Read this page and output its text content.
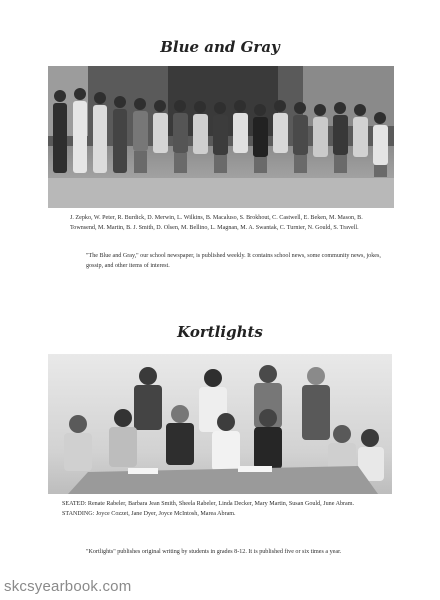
Blue and Gray

J. Zepko, W. Peter, R. Burdick, D. Merwin, L. Wilkins, B. Macaluso, S. Brokhout, C. Castwell, E. Beken, M. Mason, B. Townsend, M. Martin, B. J. Smith, D. Olsen, M. Bellino, L. Magnan, M. A. Swantak, C. Turnier, N. Gould, S. Travell.

"The Blue and Gray," our school newspaper, is published weekly. It contains school news, some community news, jokes, gossip, and other items of interest.

Kortlights

SEATED: Renate Rabeler, Barbara Jean Smith, Sheela Rabeler, Linda Decker, Mary Martin, Susan Gould, June Abram. STANDING: Joyce Cozzet, Jane Dyer, Joyce McIntosh, Marea Abram.

"Kortlights" publishes original writing by students in grades 8-12. It is published five or six times a year.

skcsyearbook.com
